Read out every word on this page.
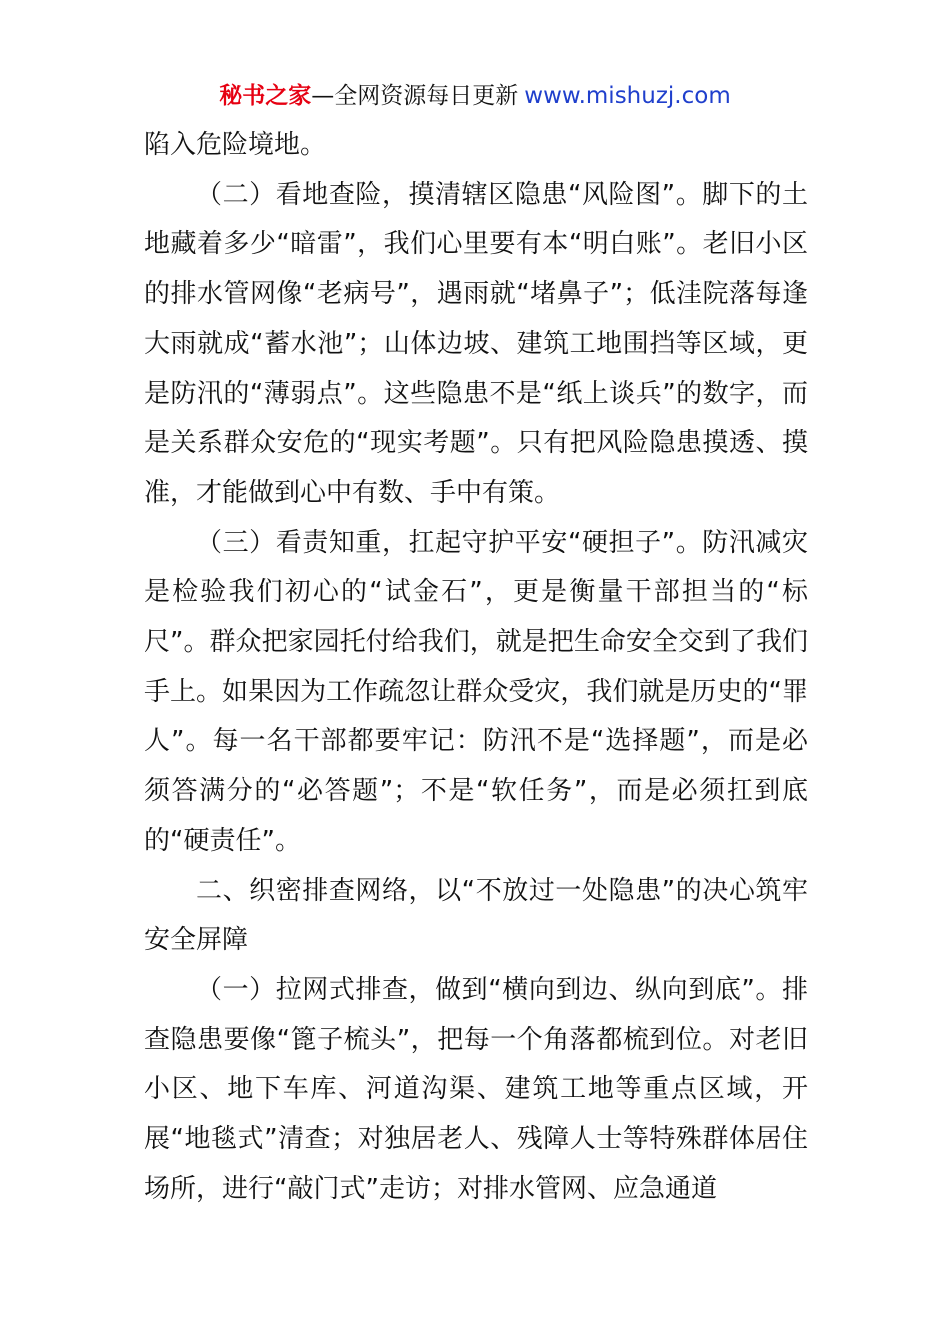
秘书之家—全网资源每日更新 www.mishuzj.com

陷入危险境地。

（二）看地查险，摸清辖区隐患“风险图”。脚下的土地藏着多少“暗雷”，我们心里要有本“明白账”。老旧小区的排水管网像“老病号”，遇雨就“堵鼻子”；低洼院落每逢大雨就成“蓄水池”；山体边坡、建筑工地围挡等区域，更是防汛的“薄弱点”。这些隐患不是“纸上谈兵”的数字，而是关系群众安危的“现实考题”。只有把风险隐患摸透、摸准，才能做到心中有数、手中有策。

（三）看责知重，扛起守护平安“硬担子”。防汛减灾是检验我们初心的“试金石”，更是衡量干部担当的“标尺”。群众把家园托付给我们，就是把生命安全交到了我们手上。如果因为工作疏忽让群众受灾，我们就是历史的“罪人”。每一名干部都要牢记：防汛不是“选择题”，而是必须答满分的“必答题”；不是“软任务”，而是必须扛到底的“硬责任”。

二、织密排查网络，以“不放过一处隐患”的决心筑牢安全屏障

（一）拉网式排查，做到“横向到边、纵向到底”。排查隐患要像“篦子梳头”，把每一个角落都梳到位。对老旧小区、地下车库、河道沟渠、建筑工地等重点区域，开展“地毯式”清查；对独居老人、残障人士等特殊群体居住场所，进行“敲门式”走访；对排水管网、应急通道
